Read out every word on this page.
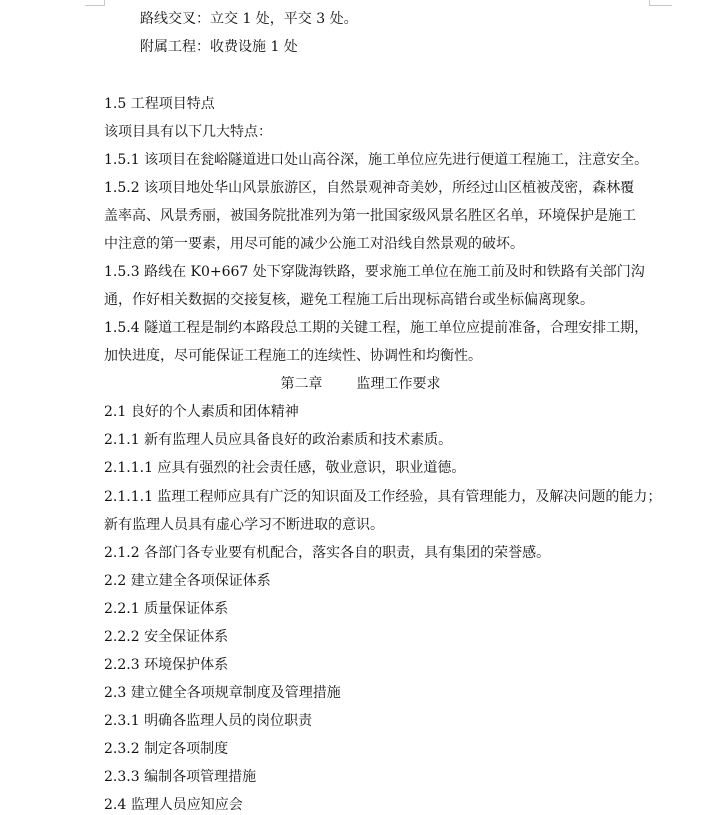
路线交叉：立交 1 处，平交 3 处。
附属工程：收费设施 1 处
1.5 工程项目特点
该项目具有以下几大特点：
1.5.1 该项目在瓮峪隧道进口处山高谷深，施工单位应先进行便道工程施工，注意安全。
1.5.2 该项目地处华山风景旅游区，自然景观神奇美妙，所经过山区植被茂密，森林覆
盖率高、风景秀丽，被国务院批准列为第一批国家级风景名胜区名单，环境保护是施工
中注意的第一要素，用尽可能的减少公施工对沿线自然景观的破坏。
1.5.3 路线在 K0+667 处下穿陇海铁路，要求施工单位在施工前及时和铁路有关部门沟
通，作好相关数据的交接复核，避免工程施工后出现标高错台或坐标偏离现象。
1.5.4 隧道工程是制约本路段总工期的关键工程，施工单位应提前准备，合理安排工期，
加快进度，尽可能保证工程施工的连续性、协调性和均衡性。
第二章 监理工作要求
2.1 良好的个人素质和团体精神
2.1.1 新有监理人员应具备良好的政治素质和技术素质。
2.1.1.1 应具有强烈的社会责任感，敬业意识，职业道德。
2.1.1.1 监理工程师应具有广泛的知识面及工作经验，具有管理能力，及解决问题的能力；
新有监理人员具有虚心学习不断进取的意识。
2.1.2 各部门各专业要有机配合，落实各自的职责，具有集团的荣誉感。
2.2 建立建全各项保证体系
2.2.1 质量保证体系
2.2.2 安全保证体系
2.2.3 环境保护体系
2.3 建立健全各项规章制度及管理措施
2.3.1 明确各监理人员的岗位职责
2.3.2 制定各项制度
2.3.3 编制各项管理措施
2.4 监理人员应知应会
